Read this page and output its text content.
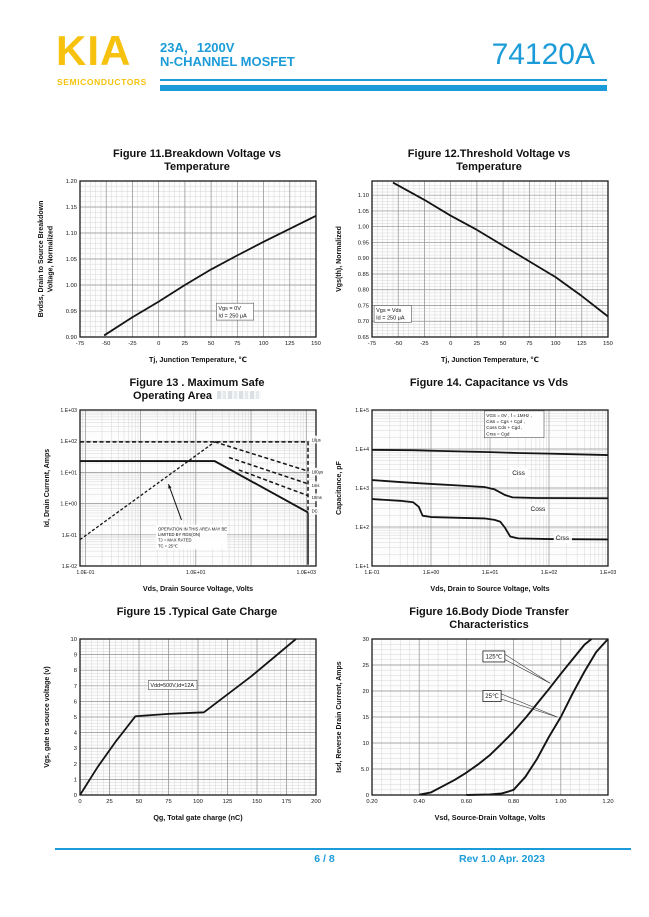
KIA
SEMICONDUCTORS
23A，1200V
N-CHANNEL MOSFET	74120A
Figure 11.Breakdown Voltage vs
Temperature
-75	-50	-25	0	25	50	75	100	125	150
0.90
0.95
1.00
1.05
1.10
1.15
1.20
Tj, Junction Temperature, ℃
Bvdss, Drain to Source Breakdown Voltage, Normalized
Vgs = 0V
Id = 250 μA
Figure 12.Threshold Voltage vs
Temperature
-75	-50	-25	0	25	50	75	100	125	150
0.65
0.70
0.75
0.80
0.85
0.90
0.95
1.00
1.05
1.10
Tj, Junction Temperature, ℃
Vgs(th), Normalized
Vgs = Vds
Id = 250 μA
Figure 13 . Maximum Safe
Operating Area
1.0E-01	1.0E+01	1.0E+03
1.E-02
1.E-01
1.E+00
1.E+01
1.E+02
1.E+03
Vds, Drain Source Voltage, Volts
Id, Drain Current, Amps
OPERATION IN THIS AREA MAY BE
LIMITED BY RDS(ON)
TJ = MAX RATED
TC = 25℃
10μs
100μs
1ms
10ms
DC
Figure 14. Capacitance vs Vds
1.E-01	1.E+00	1.E+01	1.E+02	1.E+03
1.E+1
1.E+2
1.E+3
1.E+4
1.E+5
Vds, Drain to Source Voltage, Volts
Capacitance, pF
VGS = 0V , f = 1MHz ,
Ciss = Cgs + Cgd ,
Coss Cds + Cgd ,
Crss = Cgd
Ciss
Coss
Crss
Figure 15 .Typical Gate Charge
0	25	50	75	100	125	150	175	200
0
1
2
3
4
5
6
7
8
9
10
Qg, Total gate charge (nC)
Vgs, gate to source voltage (v)	Vdd=500V,Id=12A
Figure 16.Body Diode Transfer
Characteristics
0.20	0.40	0.60	0.80	1.00	1.20
0
5.0
10
15
20
25
30
Vsd, Source-Drain Voltage, Volts
Isd, Reverse Drain Current, Amps
125℃
25℃
6 / 8	Rev 1.0 Apr. 2023
